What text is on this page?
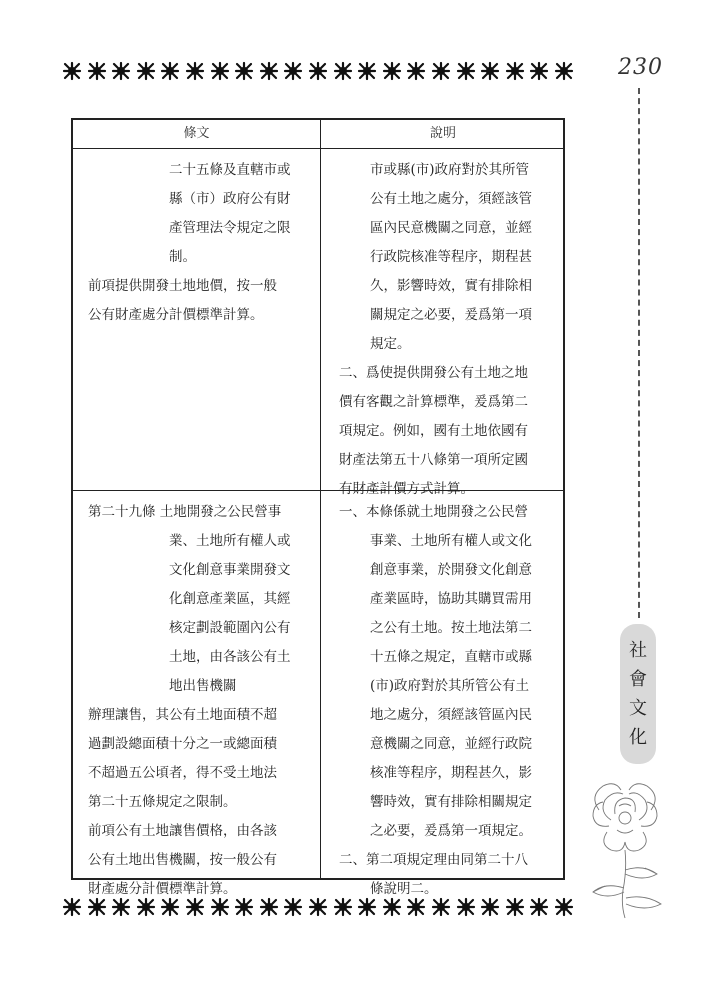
230
社
會
文
化
條文	說明
二十五條及直轄市或
縣（市）政府公有財
產管理法令規定之限
制。
前項提供開發土地地價，按一般
公有財產處分計價標準計算。
市或縣(市)政府對於其所管
公有土地之處分，須經該管
區內民意機關之同意，並經
行政院核准等程序，期程甚
久，影響時效，實有排除相
關規定之必要，爰爲第一項
規定。
二、爲使提供開發公有土地之地
價有客觀之計算標準，爰爲第二
項規定。例如，國有土地依國有
財產法第五十八條第一項所定國
有財產計價方式計算。
第二十九條 土地開發之公民營事
業、土地所有權人或
文化創意事業開發文
化創意產業區，其經
核定劃設範圍內公有
土地，由各該公有土
地出售機關
辦理讓售，其公有土地面積不超
過劃設總面積十分之一或總面積
不超過五公頃者，得不受土地法
第二十五條規定之限制。
前項公有土地讓售價格，由各該
公有土地出售機關，按一般公有
財產處分計價標準計算。
一、本條係就土地開發之公民營
事業、土地所有權人或文化
創意事業，於開發文化創意
產業區時，協助其購買需用
之公有土地。按土地法第二
十五條之規定，直轄市或縣
(市)政府對於其所管公有土
地之處分，須經該管區內民
意機關之同意，並經行政院
核准等程序，期程甚久，影
響時效，實有排除相關規定
之必要，爰爲第一項規定。
二、第二項規定理由同第二十八
條說明二。
